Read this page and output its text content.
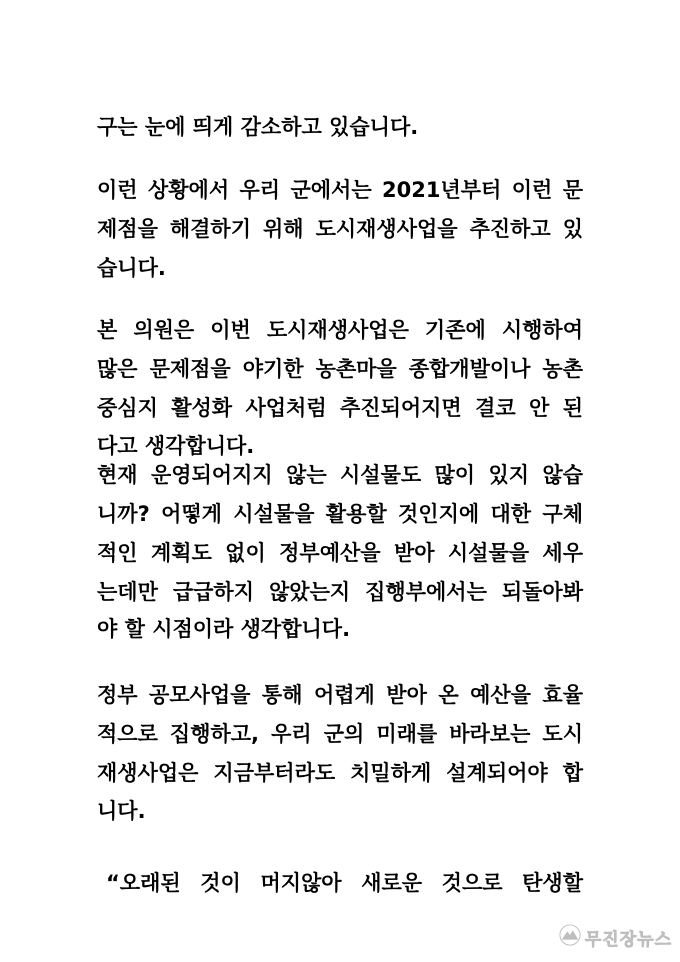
구는 눈에 띄게 감소하고 있습니다.
이런 상황에서 우리 군에서는 2021년부터 이런 문
제점을 해결하기 위해 도시재생사업을 추진하고 있
습니다.
본 의원은 이번 도시재생사업은 기존에 시행하여
많은 문제점을 야기한 농촌마을 종합개발이나 농촌
중심지 활성화 사업처럼 추진되어지면 결코 안 된
다고 생각합니다.
현재 운영되어지지 않는 시설물도 많이 있지 않습
니까? 어떻게 시설물을 활용할 것인지에 대한 구체
적인 계획도 없이 정부예산을 받아 시설물을 세우
는데만 급급하지 않았는지 집행부에서는 되돌아봐
야 할 시점이라 생각합니다.
정부 공모사업을 통해 어렵게 받아 온 예산을 효율
적으로 집행하고, 우리 군의 미래를 바라보는 도시
재생사업은 지금부터라도 치밀하게 설계되어야 합
니다.
“오래된 것이 머지않아 새로운 것으로 탄생할
무진장뉴스
